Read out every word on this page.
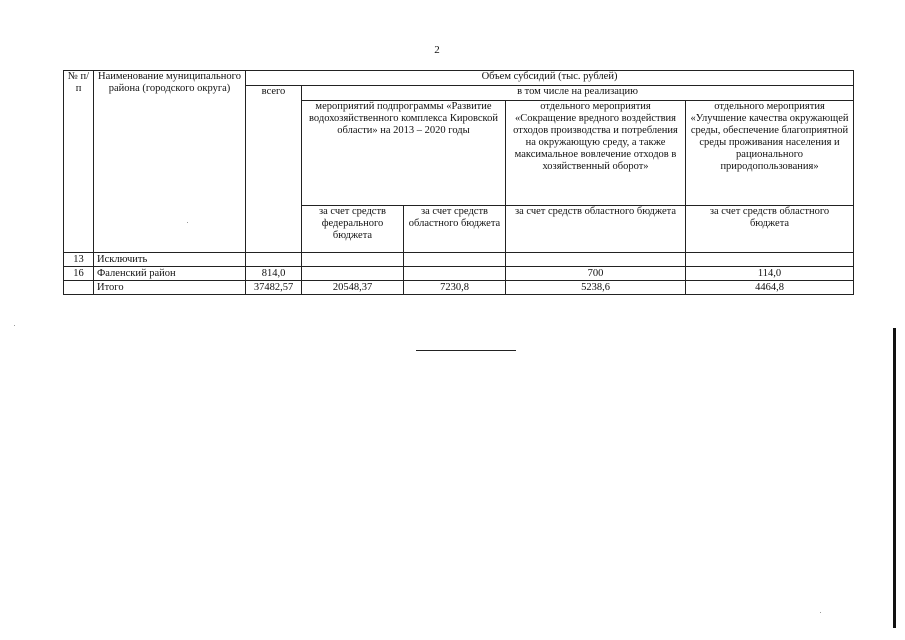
2
№ п/п	Наименование муниципального района (городского округа)	Объем субсидий (тыс. рублей)				
		всего	в том числе на реализацию			
			мероприятий подпрограммы «Развитие водохозяйственного комплекса Кировской области» на 2013 – 2020 годы		отдельного мероприятия «Сокращение вредного воздействия отходов производства и потребления на окружающую среду, а также максимальное вовлечение отходов в хозяйственный оборот»	отдельного мероприятия «Улучшение качества окружающей среды, обеспечение благоприятной среды проживания населения и рационального природопользования»
			за счет средств федерального бюджета	за счет средств областного бюджета	за счет средств областного бюджета	за счет средств областного бюджета
13	Исключить					
16	Фаленский район	814,0			700	114,0
	Итого	37482,57	20548,37	7230,8	5238,6	4464,8
